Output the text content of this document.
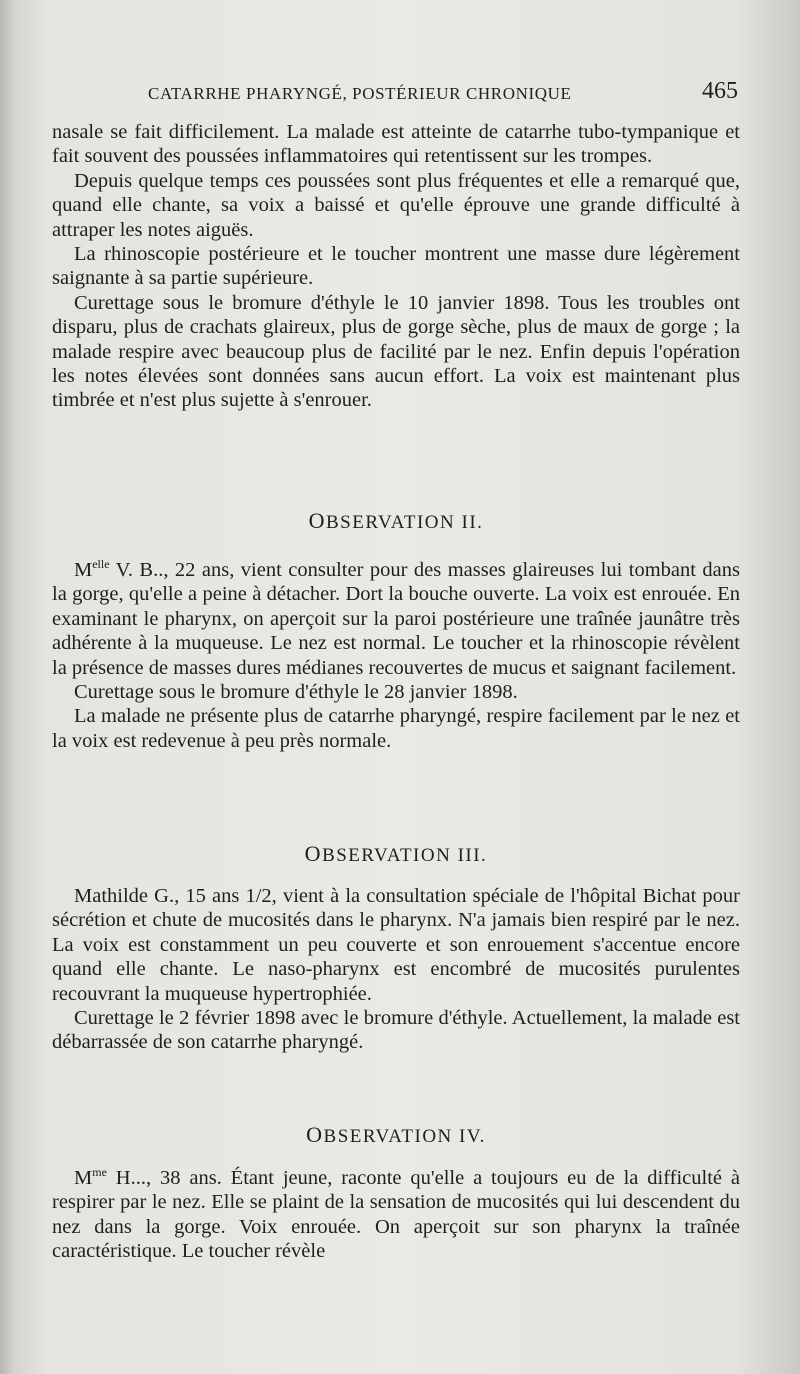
CATARRHE PHARYNGÉ, POSTÉRIEUR CHRONIQUE	465

nasale se fait difficilement. La malade est atteinte de catarrhe tubo-tympanique et fait souvent des poussées inflammatoires qui retentissent sur les trompes.

Depuis quelque temps ces poussées sont plus fréquentes et elle a remarqué que, quand elle chante, sa voix a baissé et qu'elle éprouve une grande difficulté à attraper les notes aiguës.

La rhinoscopie postérieure et le toucher montrent une masse dure légèrement saignante à sa partie supérieure.

Curettage sous le bromure d'éthyle le 10 janvier 1898. Tous les troubles ont disparu, plus de crachats glaireux, plus de gorge sèche, plus de maux de gorge ; la malade respire avec beaucoup plus de facilité par le nez. Enfin depuis l'opération les notes élevées sont données sans aucun effort. La voix est maintenant plus timbrée et n'est plus sujette à s'enrouer.

OBSERVATION II.

$M^{elle}$ V. B.., 22 ans, vient consulter pour des masses glaireuses lui tombant dans la gorge, qu'elle a peine à détacher. Dort la bouche ouverte. La voix est enrouée. En examinant le pharynx, on aperçoit sur la paroi postérieure une traînée jaunâtre très adhérente à la muqueuse. Le nez est normal. Le toucher et la rhinoscopie révèlent la présence de masses dures médianes recouvertes de mucus et saignant facilement.

Curettage sous le bromure d'éthyle le 28 janvier 1898.

La malade ne présente plus de catarrhe pharyngé, respire facilement par le nez et la voix est redevenue à peu près normale.

OBSERVATION III.

Mathilde G., 15 ans 1/2, vient à la consultation spéciale de l'hôpital Bichat pour sécrétion et chute de mucosités dans le pharynx. N'a jamais bien respiré par le nez. La voix est constamment un peu couverte et son enrouement s'accentue encore quand elle chante. Le naso-pharynx est encombré de mucosités purulentes recouvrant la muqueuse hypertrophiée.

Curettage le 2 février 1898 avec le bromure d'éthyle. Actuellement, la malade est débarrassée de son catarrhe pharyngé.

OBSERVATION IV.

$M^{me}$ H..., 38 ans. Étant jeune, raconte qu'elle a toujours eu de la difficulté à respirer par le nez. Elle se plaint de la sensation de mucosités qui lui descendent du nez dans la gorge. Voix enrouée. On aperçoit sur son pharynx la traînée caractéristique. Le toucher révèle
